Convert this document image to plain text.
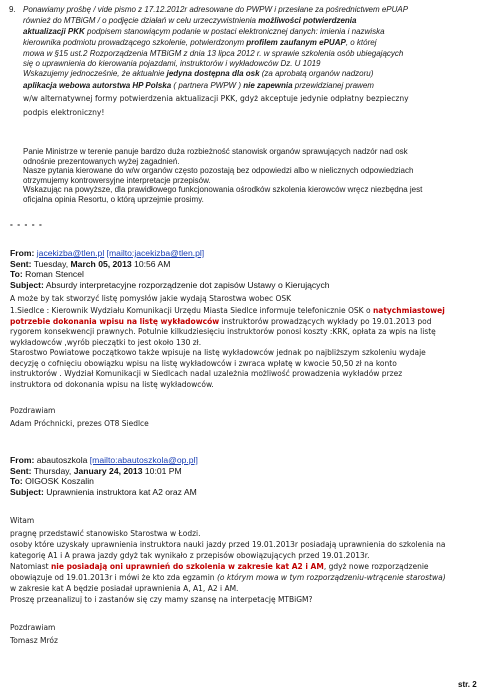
9. Ponawiamy prośbę / vide pismo z 17.12.2012r adresowane do PWPW i przesłane za pośrednictwem ePUAP
również do MTBiGM / o podjęcie działań w celu urzeczywistnienia możliwości potwierdzenia
aktualizacji PKK podpisem stanowiącym podanie w postaci elektronicznej danych: imienia i nazwiska
kierownika podmiotu prowadzącego szkolenie, potwierdzonym profilem zaufanym ePUAP, o której
mowa w §15 ust.2 Rozporządzenia MTBiGM z dnia 13 lipca 2012 r. w sprawie szkolenia osób ubiegających
się o uprawnienia do kierowania pojazdami, instruktorów i wykładowców Dz. U 1019
Wskazujemy jednocześnie, że aktualnie jedyna dostępna dla osk (za aprobatą organów nadzoru)
aplikacja webowa autorstwa HP Polska ( partnera PWPW ) nie zapewnia przewidzianej prawem
w/w alternatywnej formy potwierdzenia aktualizacji PKK, gdyż akceptuje jedynie odpłatny bezpieczny
podpis elektroniczny!
Panie Ministrze w terenie panuje bardzo duża rozbieżność stanowisk organów sprawujących nadzór nad osk
odnośnie prezentowanych wyżej zagadnień.
Nasze pytania kierowane do w/w organów często pozostają bez odpowiedzi albo w nielicznych odpowiedziach
otrzymujemy kontrowersyjne interpretacje przepisów.
Wskazując na powyższe, dla prawidłowego funkcjonowania ośrodków szkolenia kierowców wręcz niezbędna jest
oficjalna opinia Resortu, o którą uprzejmie prosimy.
- - - - -
From: jacekizba@tlen.pl [mailto:jacekizba@tlen.pl]
Sent: Tuesday, March 05, 2013 10:56 AM
To: Roman Stencel
Subject: Absurdy interpretacyjne rozporządzenie dot zapisów Ustawy o Kierujących
A może by tak stworzyć listę pomysłów jakie wydają Starostwa wobec OSK
1.Siedlce : Kierownik Wydziału Komunikacji Urzędu Miasta Siedlce informuje telefonicznie OSK o natychmiastowej
potrzebie dokonania wpisu na listę wykładowców instruktorów prowadzących wykłady po 19.01.2013 pod
rygorem konsekwencji prawnych. Potulnie kilkudziesięciu instruktorów ponosi koszty :KRK, opłata za wpis na listę
wykładowców ,wyrób pieczątki to jest około 130 zł.
Starostwo Powiatowe początkowo także wpisuje na listę wykładowców jednak po najbliższym szkoleniu wydaje
decyzję o cofnięciu obowiązku wpisu na listę wykładowców i zwraca wpłatę w kwocie 50,50 zł na konto
instruktorów . Wydział Komunikacji w Siedlcach nadal uzależnia możliwość prowadzenia wykładów przez
instruktora od dokonania wpisu na listę wykładowców.
Pozdrawiam
Adam Próchnicki, prezes OT8 Siedlce
From: abautoszkola [mailto:abautoszkola@op.pl]
Sent: Thursday, January 24, 2013 10:01 PM
To: OIGOSK Koszalin
Subject: Uprawnienia instruktora kat A2 oraz AM
Witam
pragnę przedstawić stanowisko Starostwa w Łodzi.
osoby które uzyskały uprawnienia instruktora nauki jazdy przed 19.01.2013r posiadają uprawnienia do szkolenia na
kategorię A1 i A prawa jazdy gdyż tak wynikało z przepisów obowiązujących przed 19.01.2013r.
Natomiast nie posiadają oni uprawnień do szkolenia w zakresie kat A2 i AM, gdyż nowe rozporządzenie
obowiązuje od 19.01.2013r i mówi że kto zda egzamin (o którym mowa w tym rozporządzeniu-wtrącenie starostwa)
w zakresie kat A będzie posiadał uprawnienia A, A1, A2 i AM.
Proszę przeanalizuj to i zastanów się czy mamy szansę na interpetację MTBiGM?
Pozdrawiam
Tomasz Mróz
str. 2
